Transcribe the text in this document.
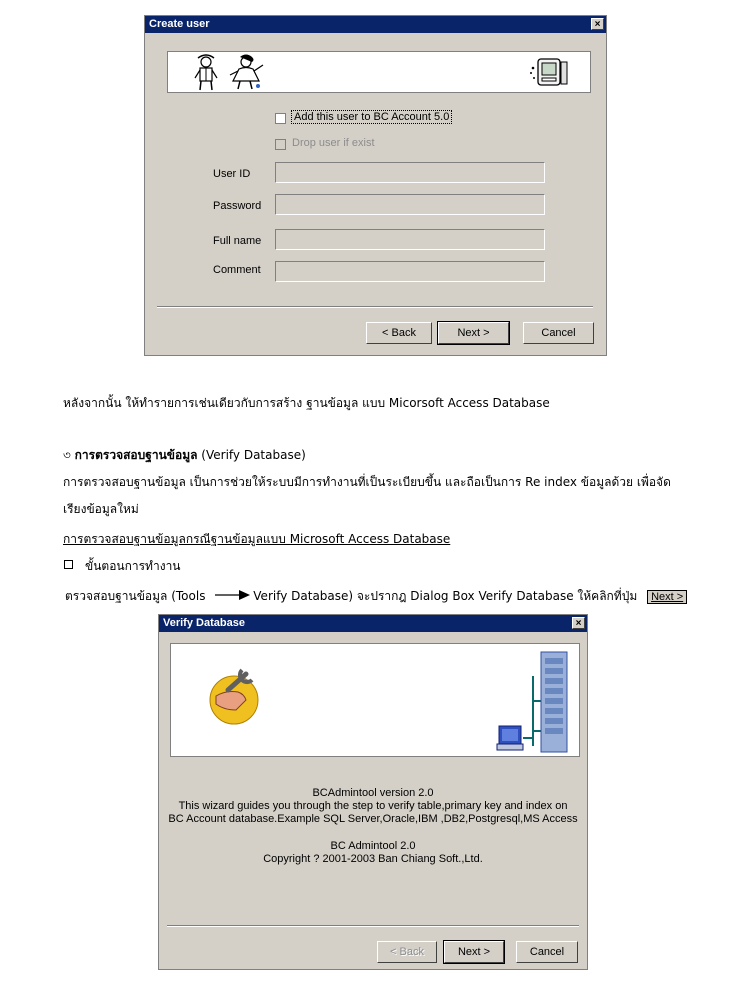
Create user	×
Add this user to BC Account 5.0
Drop user if exist
User ID
Password
Full name
Comment
< Back	Next >	Cancel
หลังจากนั้น ให้ทำรายการเช่นเดียวกับการสร้าง ฐานข้อมูล แบบ Micorsoft Access Database
৩ การตรวจสอบฐานข้อมูล (Verify Database)
การตรวจสอบฐานข้อมูล เป็นการช่วยให้ระบบมีการทำงานที่เป็นระเบียบขึ้น และถือเป็นการ Re index ข้อมูลด้วย เพื่อจัด
เรียงข้อมูลใหม่
การตรวจสอบฐานข้อมูลกรณีฐานข้อมูลแบบ Microsoft Access Database
ขั้นตอนการทำงาน
ตรวจสอบฐานข้อมูล (Tools	Verify Database) จะปรากฎ Dialog Box Verify Database ให้คลิกที่ปุ่ม Next >
Verify Database	×
BCAdmintool version 2.0
This wizard guides you through the step to verify table,primary key and index on
BC Account database.Example SQL Server,Oracle,IBM ,DB2,Postgresql,MS Access
BC Admintool 2.0
Copyright ? 2001-2003 Ban Chiang Soft.,Ltd.
< Back	Next >	Cancel
